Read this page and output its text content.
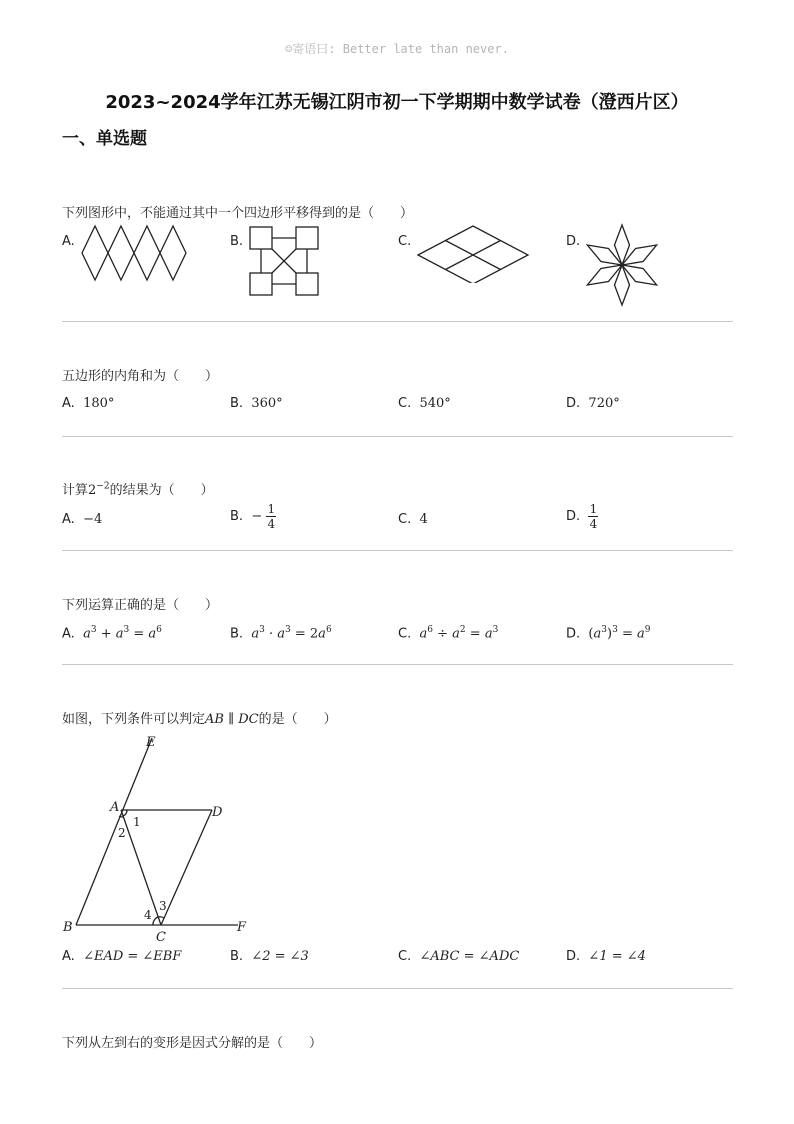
☺寄语曰: Better late than never.
2023~2024学年江苏无锡江阴市初一下学期期中数学试卷（澄西片区）
一、单选题
下列图形中，不能通过其中一个四边形平移得到的是（　　）
A.	B.	C.	D.
五边形的内角和为（　　）
A. 180°	B. 360°	C. 540°	D. 720°
计算$2^{-2}$的结果为（　　）
A. −4	B. − $\frac{1}{4}$	C. 4	D. $\frac{1}{4}$
下列运算正确的是（　　）
A. $a^3 + a^3 = a^6$	B. $a^3 \cdot a^3 = 2a^6$	C. $a^6 \div a^2 = a^3$	D. $(a^3)^3 = a^9$
如图，下列条件可以判定AB ∥ DC的是（　　）
E
A	D
B
C
F
1
2
3
4
A. ∠EAD = ∠EBF	B. ∠2 = ∠3	C. ∠ABC = ∠ADC	D. ∠1 = ∠4
下列从左到右的变形是因式分解的是（　　）
